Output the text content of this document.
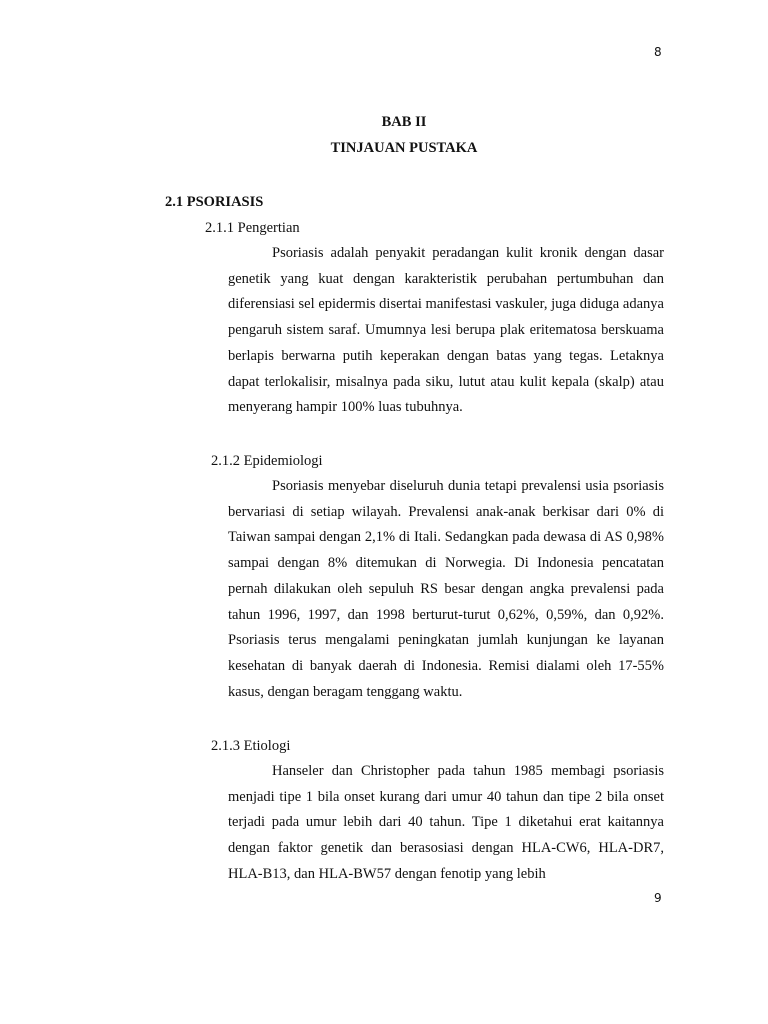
8
BAB II
TINJAUAN PUSTAKA
2.1 PSORIASIS
2.1.1 Pengertian

Psoriasis adalah penyakit peradangan kulit kronik dengan dasar genetik yang kuat dengan karakteristik perubahan pertumbuhan dan diferensiasi sel epidermis disertai manifestasi vaskuler, juga diduga adanya pengaruh sistem saraf. Umumnya lesi berupa plak eritematosa berskuama berlapis berwarna putih keperakan dengan batas yang tegas. Letaknya dapat terlokalisir, misalnya pada siku, lutut atau kulit kepala (skalp) atau menyerang hampir 100% luas tubuhnya.

2.1.2 Epidemiologi

Psoriasis menyebar diseluruh dunia tetapi prevalensi usia psoriasis bervariasi di setiap wilayah. Prevalensi anak-anak berkisar dari 0% di Taiwan sampai dengan 2,1% di Itali. Sedangkan pada dewasa di AS 0,98% sampai dengan 8% ditemukan di Norwegia. Di Indonesia pencatatan pernah dilakukan oleh sepuluh RS besar dengan angka prevalensi pada tahun 1996, 1997, dan 1998 berturut-turut 0,62%, 0,59%, dan 0,92%. Psoriasis terus mengalami peningkatan jumlah kunjungan ke layanan kesehatan di banyak daerah di Indonesia. Remisi dialami oleh 17-55% kasus, dengan beragam tenggang waktu.

2.1.3 Etiologi

Hanseler dan Christopher pada tahun 1985 membagi psoriasis menjadi tipe 1 bila onset kurang dari umur 40 tahun dan tipe 2 bila onset terjadi pada umur lebih dari 40 tahun. Tipe 1 diketahui erat kaitannya dengan faktor genetik dan berasosiasi dengan HLA-CW6, HLA-DR7, HLA-B13, dan HLA-BW57 dengan fenotip yang lebih

9
